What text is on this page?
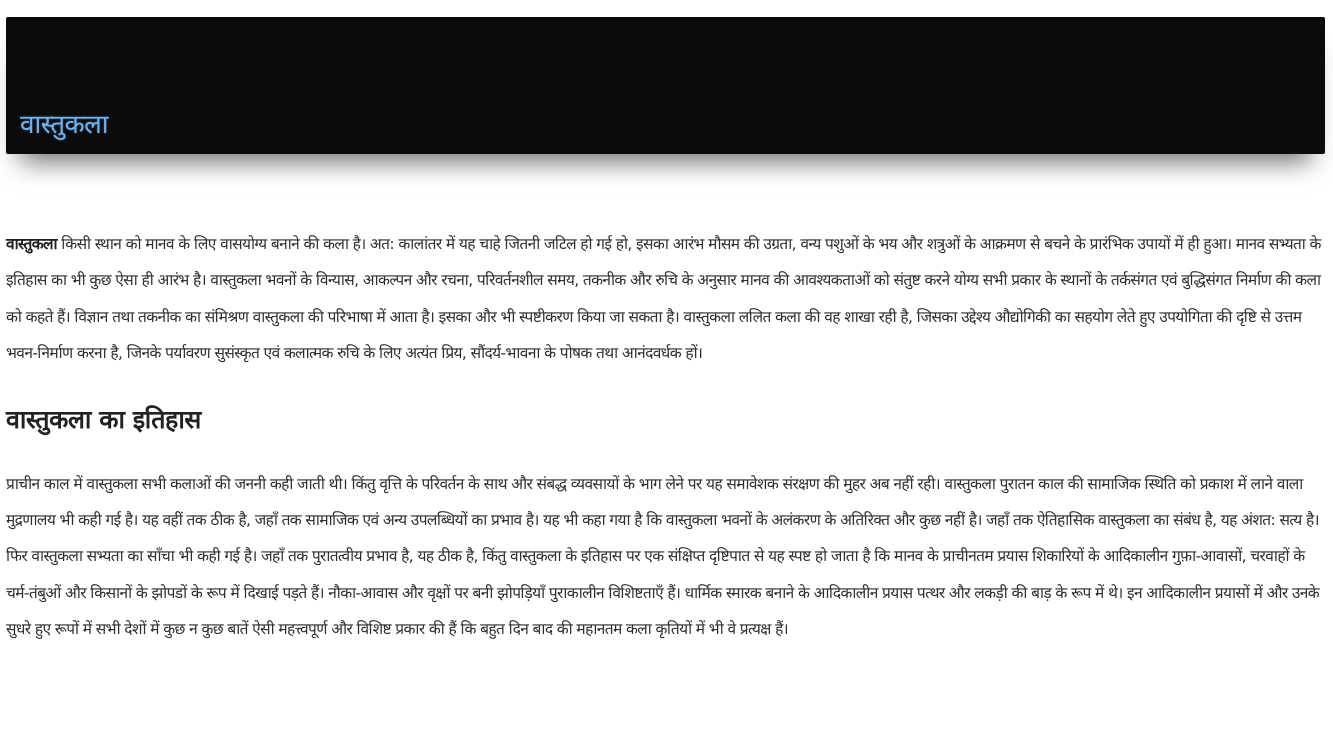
वास्तुकला

वास्तुकला किसी स्थान को मानव के लिए वासयोग्य बनाने की कला है। अत: कालांतर में यह चाहे जितनी जटिल हो गई हो, इसका आरंभ मौसम की उग्रता, वन्य पशुओं के भय और शत्रुओं के आक्रमण से बचने के प्रारंभिक उपायों में ही हुआ। मानव सभ्यता के इतिहास का भी कुछ ऐसा ही आरंभ है। वास्तुकला भवनों के विन्यास, आकल्पन और रचना, परिवर्तनशील समय, तकनीक और रुचि के अनुसार मानव की आवश्यकताओं को संतुष्ट करने योग्य सभी प्रकार के स्थानों के तर्कसंगत एवं बुद्धिसंगत निर्माण की कला को कहते हैं। विज्ञान तथा तकनीक का संमिश्रण वास्तुकला की परिभाषा में आता है। इसका और भी स्पष्टीकरण किया जा सकता है। वास्तुकला ललित कला की वह शाखा रही है, जिसका उद्देश्य औद्योगिकी का सहयोग लेते हुए उपयोगिता की दृष्टि से उत्तम भवन-निर्माण करना है, जिनके पर्यावरण सुसंस्कृत एवं कलात्मक रुचि के लिए अत्यंत प्रिय, सौंदर्य-भावना के पोषक तथा आनंदवर्धक हों।

वास्तुकला का इतिहास

प्राचीन काल में वास्तुकला सभी कलाओं की जननी कही जाती थी। किंतु वृत्ति के परिवर्तन के साथ और संबद्ध व्यवसायों के भाग लेने पर यह समावेशक संरक्षण की मुहर अब नहीं रही। वास्तुकला पुरातन काल की सामाजिक स्थिति को प्रकाश में लाने वाला मुद्रणालय भी कही गई है। यह वहीं तक ठीक है, जहाँ तक सामाजिक एवं अन्य उपलब्धियों का प्रभाव है। यह भी कहा गया है कि वास्तुकला भवनों के अलंकरण के अतिरिक्त और कुछ नहीं है। जहाँ तक ऐतिहासिक वास्तुकला का संबंध है, यह अंशत: सत्य है। फिर वास्तुकला सभ्यता का साँचा भी कही गई है। जहाँ तक पुरातत्वीय प्रभाव है, यह ठीक है, किंतु वास्तुकला के इतिहास पर एक संक्षिप्त दृष्टिपात से यह स्पष्ट हो जाता है कि मानव के प्राचीनतम प्रयास शिकारियों के आदिकालीन गुफ़ा-आवासों, चरवाहों के चर्म-तंबुओं और किसानों के झोपडों के रूप में दिखाई पड़ते हैं। नौका-आवास और वृक्षों पर बनी झोपड़ियाँ पुराकालीन विशिष्टताएँ हैं। धार्मिक स्मारक बनाने के आदिकालीन प्रयास पत्थर और लकड़ी की बाड़ के रूप में थे। इन आदिकालीन प्रयासों में और उनके सुधरे हुए रूपों में सभी देशों में कुछ न कुछ बातें ऐसी महत्त्वपूर्ण और विशिष्ट प्रकार की हैं कि बहुत दिन बाद की महानतम कला कृतियों में भी वे प्रत्यक्ष हैं।
